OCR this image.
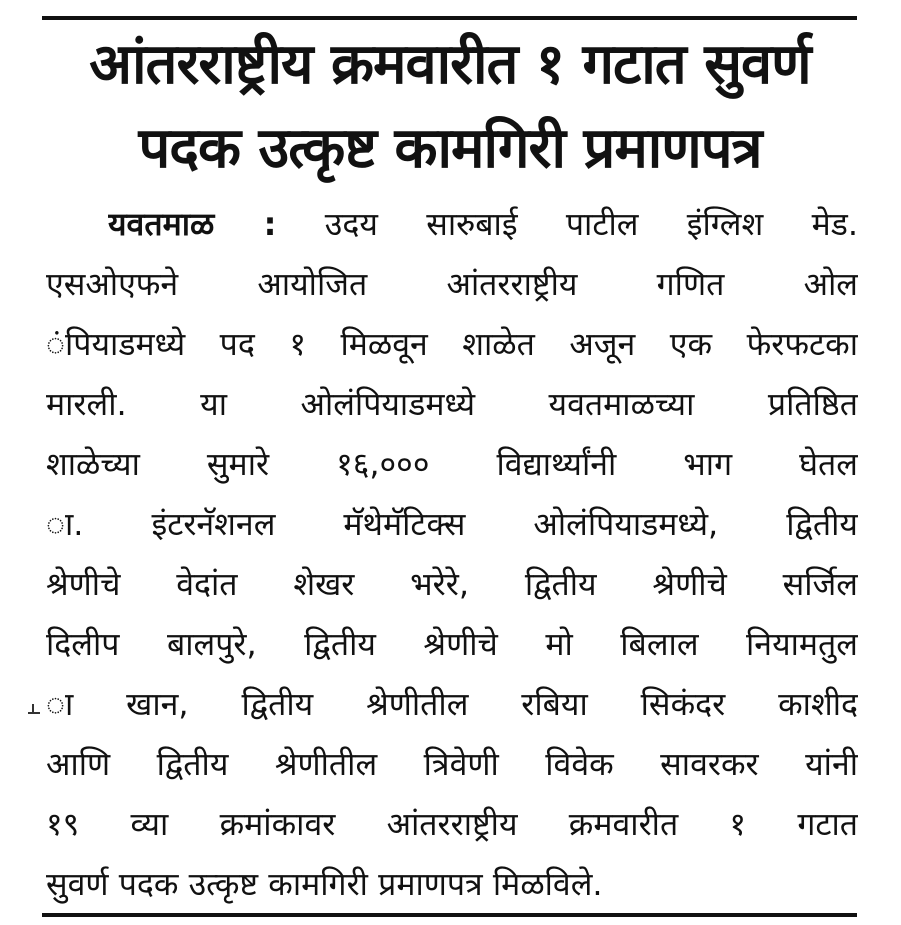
आंतरराष्ट्रीय क्रमवारीत १ गटात सुवर्ण
पदक उत्कृष्ट कामगिरी प्रमाणपत्र
यवतमाळ : उदय सारुबाई पाटील इंग्लिश मेड.
एसओएफने आयोजित आंतरराष्ट्रीय गणित ओल
ंपियाडमध्ये पद १ मिळवून शाळेत अजून एक फेरफटका
मारली. या ओलंपियाडमध्ये यवतमाळच्या प्रतिष्ठित
शाळेच्या सुमारे १६,००० विद्यार्थ्यांनी भाग घेतल
ा. इंटरनॅशनल मॅथेमॅटिक्स ओलंपियाडमध्ये, द्वितीय
श्रेणीचे वेदांत शेखर भरेरे, द्वितीय श्रेणीचे सर्जिल
दिलीप बालपुरे, द्वितीय श्रेणीचे मो बिलाल नियामतुल
ा खान, द्वितीय श्रेणीतील रबिया सिकंदर काशीद
आणि द्वितीय श्रेणीतील त्रिवेणी विवेक सावरकर यांनी
१९ व्या क्रमांकावर आंतरराष्ट्रीय क्रमवारीत १ गटात
सुवर्ण पदक उत्कृष्ट कामगिरी प्रमाणपत्र मिळविले.
